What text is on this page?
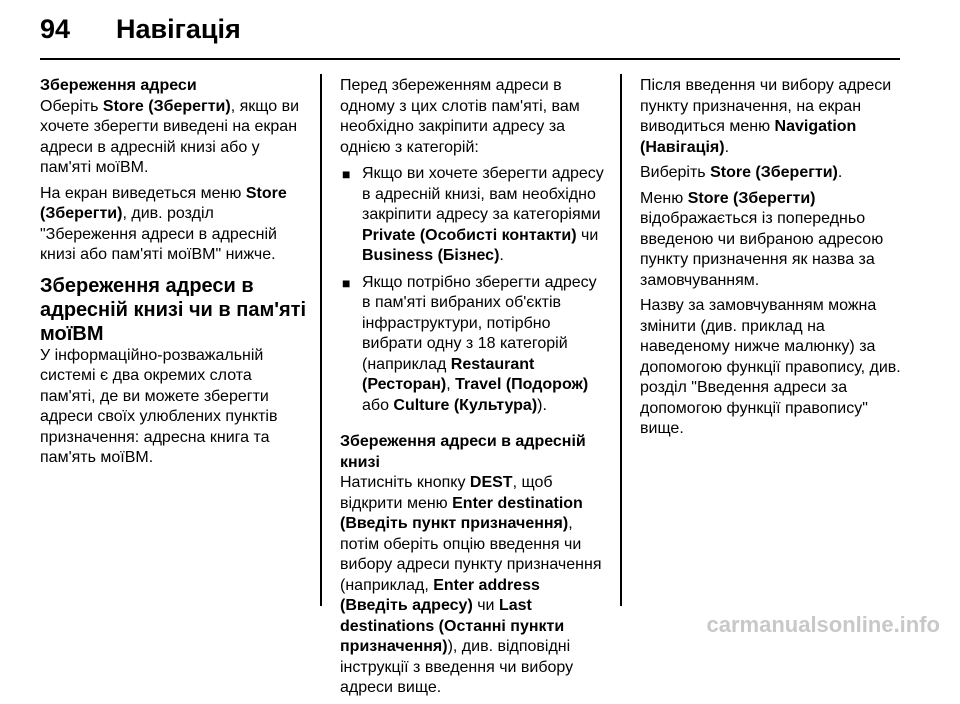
94 Навігація
Збереження адреси

Оберіть Store (Зберегти), якщо ви хочете зберегти виведені на екран адреси в адресній книзі або у пам'яті моїВМ.

На екран виведеться меню Store (Зберегти), див. розділ "Збереження адреси в адресній книзі або пам'яті моїВМ" нижче.

Збереження адреси в адресній книзі чи в пам'яті моїВМ

У інформаційно-розважальній системі є два окремих слота пам'яті, де ви можете зберегти адреси своїх улюблених пунктів призначення: адресна книга та пам'ять моїВМ.

Перед збереженням адреси в одному з цих слотів пам'яті, вам необхідно закріпити адресу за однією з категорій:

■ Якщо ви хочете зберегти адресу в адресній книзі, вам необхідно закріпити адресу за категоріями Private (Особисті контакти) чи Business (Бізнес).
■ Якщо потрібно зберегти адресу в пам'яті вибраних об'єктів інфраструктури, потірбно вибрати одну з 18 категорій (наприклад Restaurant (Ресторан), Travel (Подорож) або Culture (Культура)).
Збереження адреси в адресній книзі

Натисніть кнопку DEST, щоб відкрити меню Enter destination (Введіть пункт призначення), потім оберіть опцію введення чи вибору адреси пункту призначення (наприклад, Enter address (Введіть адресу) чи Last destinations (Останні пункти призначення)), див. відповідні інструкції з введення чи вибору адреси вище.

Після введення чи вибору адреси пункту призначення, на екран виводиться меню Navigation (Навігація).

Виберіть Store (Зберегти).

Меню Store (Зберегти) відображається із попередньо введеною чи вибраною адресою пункту призначення як назва за замовчуванням.

Назву за замовчуванням можна змінити (див. приклад на наведеному нижче малюнку) за допомогою функції правопису, див. розділ "Введення адреси за допомогою функції правопису" вище.

carmanualsonline.info
